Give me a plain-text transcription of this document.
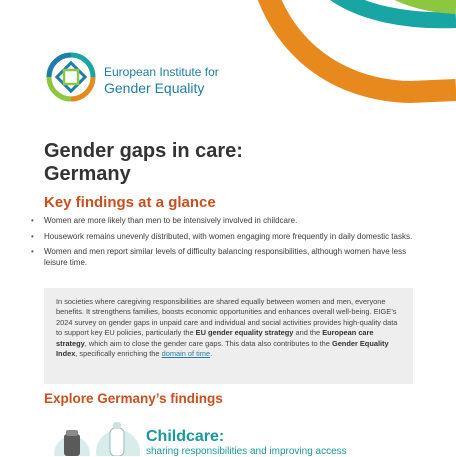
European Institute for
Gender Equality
Gender gaps in care:
Germany
Key findings at a glance
• Women are more likely than men to be intensively involved in childcare.
• Housework remains unevenly distributed, with women engaging more frequently in daily domestic tasks.
• Women and men report similar levels of difficulty balancing responsibilities, although women have less leisure time.
In societies where caregiving responsibilities are shared equally between women and men, everyone benefits. It strengthens families, boosts economic opportunities and enhances overall well-being. EIGE’s 2024 survey on gender gaps in unpaid care and individual and social activities provides high-quality data to support key EU policies, particularly the EU gender equality strategy and the European care strategy, which aim to close the gender care gaps. This data also contributes to the Gender Equality Index, specifically enriching the domain of time.
Explore Germany’s findings
Childcare:
sharing responsibilities and improving access
